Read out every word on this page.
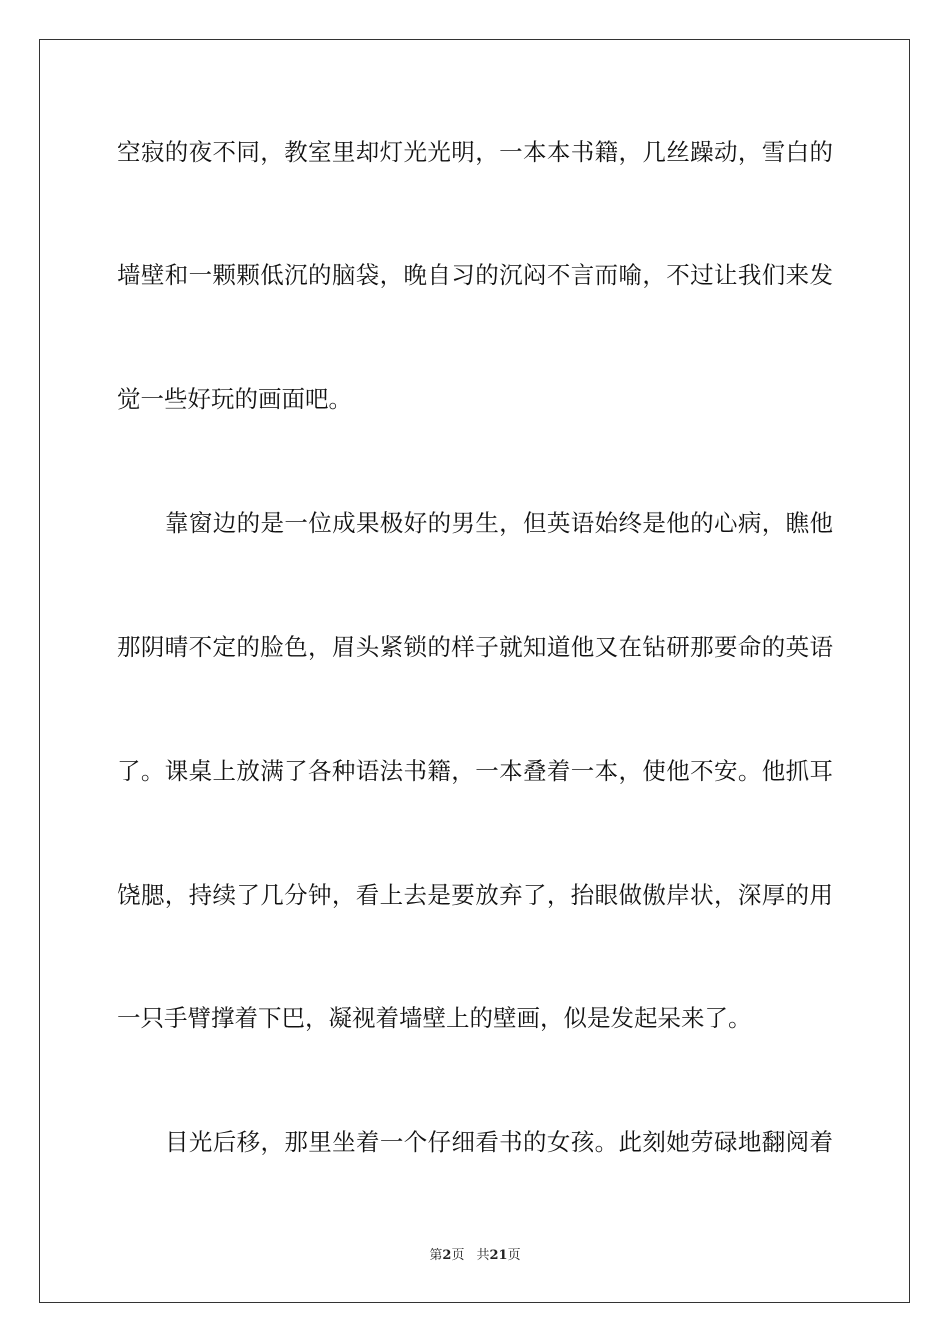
空寂的夜不同，教室里却灯光光明，一本本书籍，几丝躁动，雪白的
墙壁和一颗颗低沉的脑袋，晚自习的沉闷不言而喻，不过让我们来发
觉一些好玩的画面吧。
靠窗边的是一位成果极好的男生，但英语始终是他的心病，瞧他
那阴晴不定的脸色，眉头紧锁的样子就知道他又在钻研那要命的英语
了。课桌上放满了各种语法书籍，一本叠着一本，使他不安。他抓耳
饶腮，持续了几分钟，看上去是要放弃了，抬眼做傲岸状，深厚的用
一只手臂撑着下巴，凝视着墙壁上的壁画，似是发起呆来了。
目光后移，那里坐着一个仔细看书的女孩。此刻她劳碌地翻阅着
第2页 共21页
